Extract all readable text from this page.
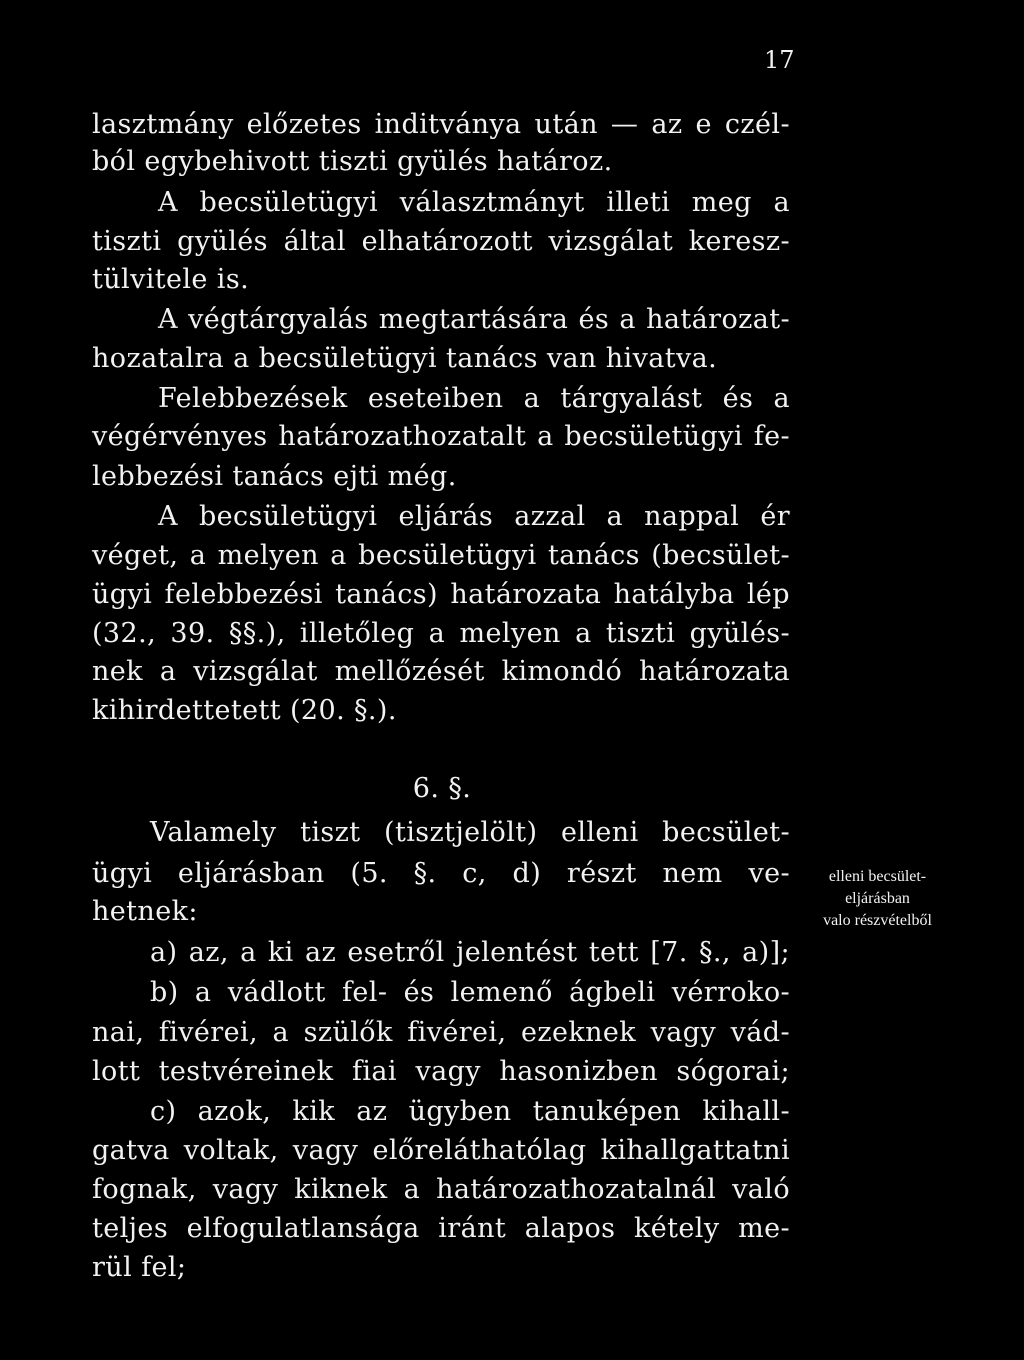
17
lasztmány előzetes inditványa után — az e czél-
ból egybehivott tiszti gyülés határoz.
A becsületügyi választmányt illeti meg a
tiszti gyülés által elhatározott vizsgálat keresz-
tülvitele is.
A végtárgyalás megtartására és a határozat-
hozatalra a becsületügyi tanács van hivatva.
Felebbezések eseteiben a tárgyalást és a
végérvényes határozathozatalt a becsületügyi fe-
lebbezési tanács ejti még.
A becsületügyi eljárás azzal a nappal ér
véget, a melyen a becsületügyi tanács (becsület-
ügyi felebbezési tanács) határozata hatályba lép
(32., 39. §§.), illetőleg a melyen a tiszti gyülés-
nek a vizsgálat mellőzését kimondó határozata
kihirdettetett (20. §.).
6. §.
Valamely tiszt (tisztjelölt) elleni becsület-
ügyi eljárásban (5. §. c, d) részt nem ve-
hetnek:
a) az, a ki az esetről jelentést tett [7. §., a)];
b) a vádlott fel- és lemenő ágbeli vérroko-
nai, fivérei, a szülők fivérei, ezeknek vagy vád-
lott testvéreinek fiai vagy hasonizben sógorai;
c) azok, kik az ügyben tanuképen kihall-
gatva voltak, vagy előreláthatólag kihallgattatni
fognak, vagy kiknek a határozathozatalnál való
teljes elfogulatlansága iránt alapos kétely me-
rül fel;
elleni becsület-
eljárásban
valo részvételből
